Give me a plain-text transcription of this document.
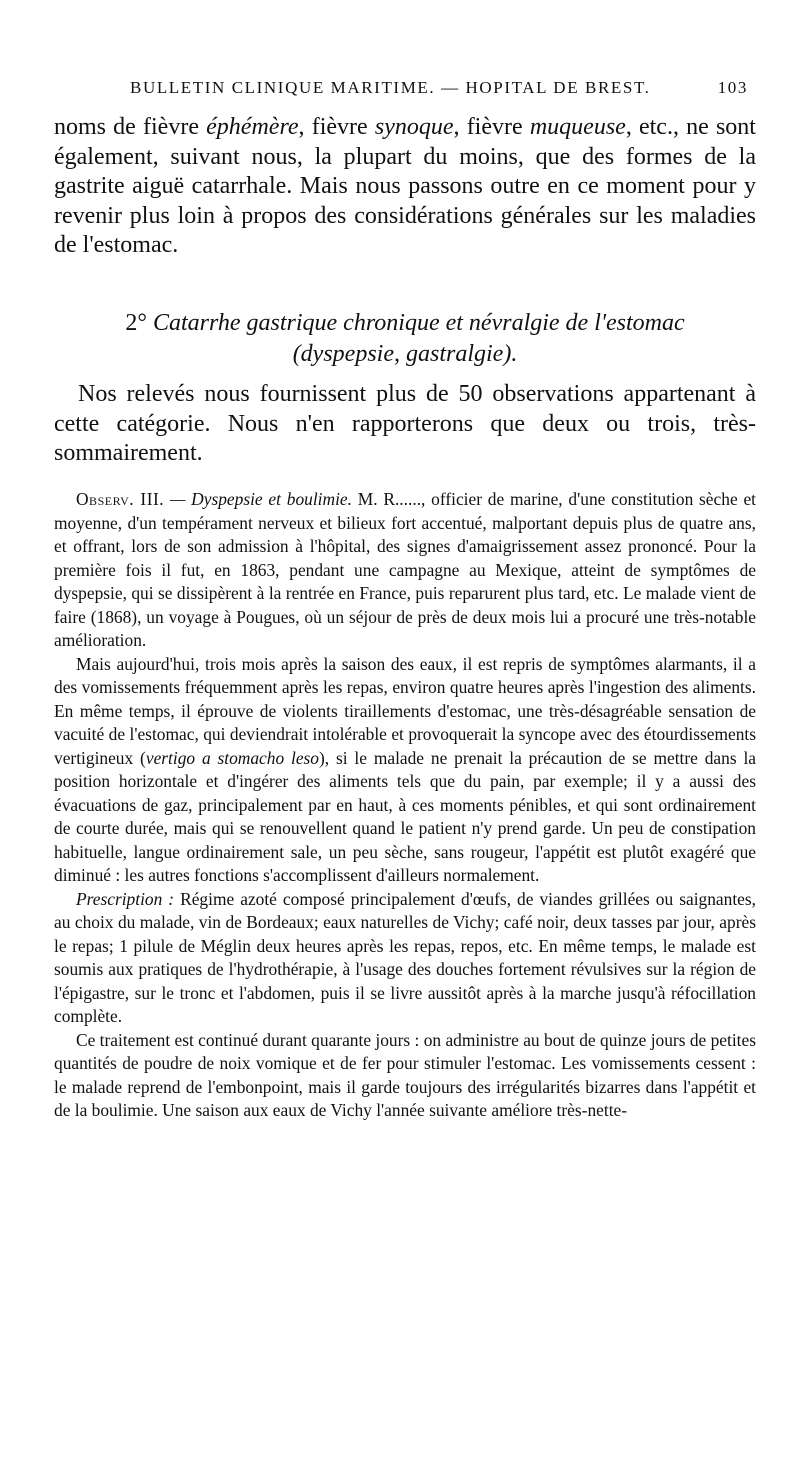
BULLETIN CLINIQUE MARITIME. — HOPITAL DE BREST.	103

noms de fièvre éphémère, fièvre synoque, fièvre muqueuse, etc., ne sont également, suivant nous, la plupart du moins, que des formes de la gastrite aiguë catarrhale. Mais nous passons outre en ce moment pour y revenir plus loin à propos des considérations générales sur les maladies de l'estomac.

2° Catarrhe gastrique chronique et névralgie de l'estomac
(dyspepsie, gastralgie).

Nos relevés nous fournissent plus de 50 observations appartenant à cette catégorie. Nous n'en rapporterons que deux ou trois, très-sommairement.

Observ. III. — Dyspepsie et boulimie. M. R......, officier de marine, d'une constitution sèche et moyenne, d'un tempérament nerveux et bilieux fort accentué, malportant depuis plus de quatre ans, et offrant, lors de son admission à l'hôpital, des signes d'amaigrissement assez prononcé. Pour la première fois il fut, en 1863, pendant une campagne au Mexique, atteint de symptômes de dyspepsie, qui se dissipèrent à la rentrée en France, puis reparurent plus tard, etc. Le malade vient de faire (1868), un voyage à Pougues, où un séjour de près de deux mois lui a procuré une très-notable amélioration.

Mais aujourd'hui, trois mois après la saison des eaux, il est repris de symptômes alarmants, il a des vomissements fréquemment après les repas, environ quatre heures après l'ingestion des aliments. En même temps, il éprouve de violents tiraillements d'estomac, une très-désagréable sensation de vacuité de l'estomac, qui deviendrait intolérable et provoquerait la syncope avec des étourdissements vertigineux (vertigo a stomacho leso), si le malade ne prenait la précaution de se mettre dans la position horizontale et d'ingérer des aliments tels que du pain, par exemple; il y a aussi des évacuations de gaz, principalement par en haut, à ces moments pénibles, et qui sont ordinairement de courte durée, mais qui se renouvellent quand le patient n'y prend garde. Un peu de constipation habituelle, langue ordinairement sale, un peu sèche, sans rougeur, l'appétit est plutôt exagéré que diminué : les autres fonctions s'accomplissent d'ailleurs normalement.

Prescription : Régime azoté composé principalement d'œufs, de viandes grillées ou saignantes, au choix du malade, vin de Bordeaux; eaux naturelles de Vichy; café noir, deux tasses par jour, après le repas; 1 pilule de Méglin deux heures après les repas, repos, etc. En même temps, le malade est soumis aux pratiques de l'hydrothérapie, à l'usage des douches fortement révulsives sur la région de l'épigastre, sur le tronc et l'abdomen, puis il se livre aussitôt après à la marche jusqu'à réfocillation complète.

Ce traitement est continué durant quarante jours : on administre au bout de quinze jours de petites quantités de poudre de noix vomique et de fer pour stimuler l'estomac. Les vomissements cessent : le malade reprend de l'embonpoint, mais il garde toujours des irrégularités bizarres dans l'appétit et de la boulimie. Une saison aux eaux de Vichy l'année suivante améliore très-nette-
